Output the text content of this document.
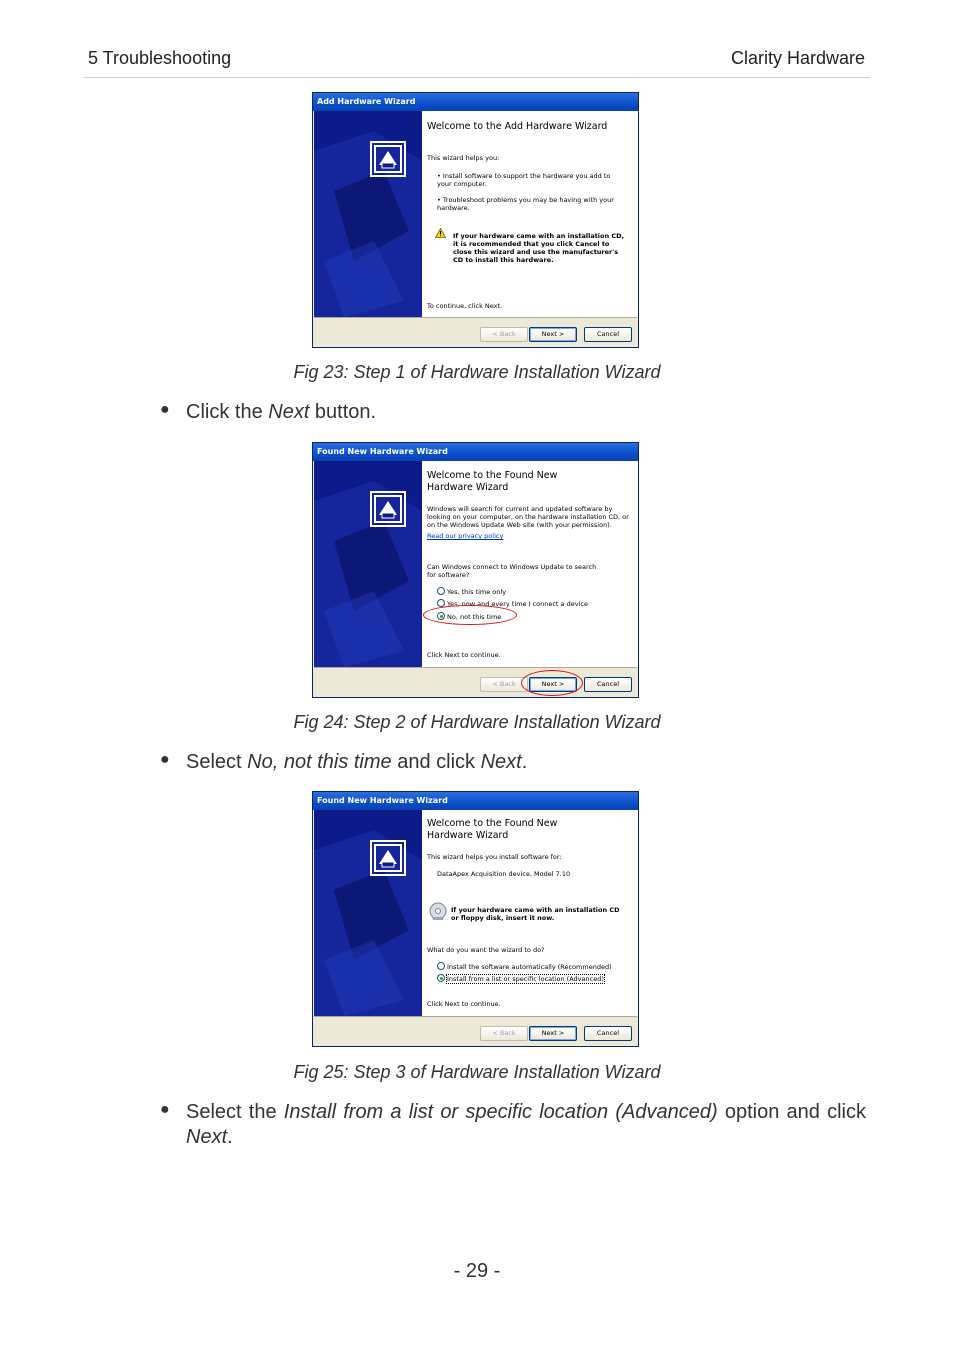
5 Troubleshooting	Clarity Hardware
Add Hardware Wizard
Welcome to the Add Hardware Wizard
This wizard helps you:
• Install software to support the hardware you add to your computer.
• Troubleshoot problems you may be having with your hardware.
If your hardware came with an installation CD, it is recommended that you click Cancel to close this wizard and use the manufacturer's CD to install this hardware.
To continue, click Next.
< Back	Next >	Cancel
Fig 23: Step 1 of Hardware Installation Wizard
● Click the Next button.
Found New Hardware Wizard
Welcome to the Found New Hardware Wizard
Windows will search for current and updated software by looking on your computer, on the hardware installation CD, or on the Windows Update Web site (with your permission).
Read our privacy policy
Can Windows connect to Windows Update to search for software?
Yes, this time only
Yes, now and every time I connect a device
No, not this time
Click Next to continue.
< Back	Next >	Cancel
Fig 24: Step 2 of Hardware Installation Wizard
● Select No, not this time and click Next.
Found New Hardware Wizard
Welcome to the Found New Hardware Wizard
This wizard helps you install software for:
DataApex Acquisition device, Model 7.10
If your hardware came with an installation CD or floppy disk, insert it now.
What do you want the wizard to do?
Install the software automatically (Recommended)
Install from a list or specific location (Advanced)
Click Next to continue.
< Back	Next >	Cancel
Fig 25: Step 3 of Hardware Installation Wizard
● Select the Install from a list or specific location (Advanced) option and click Next.
- 29 -
